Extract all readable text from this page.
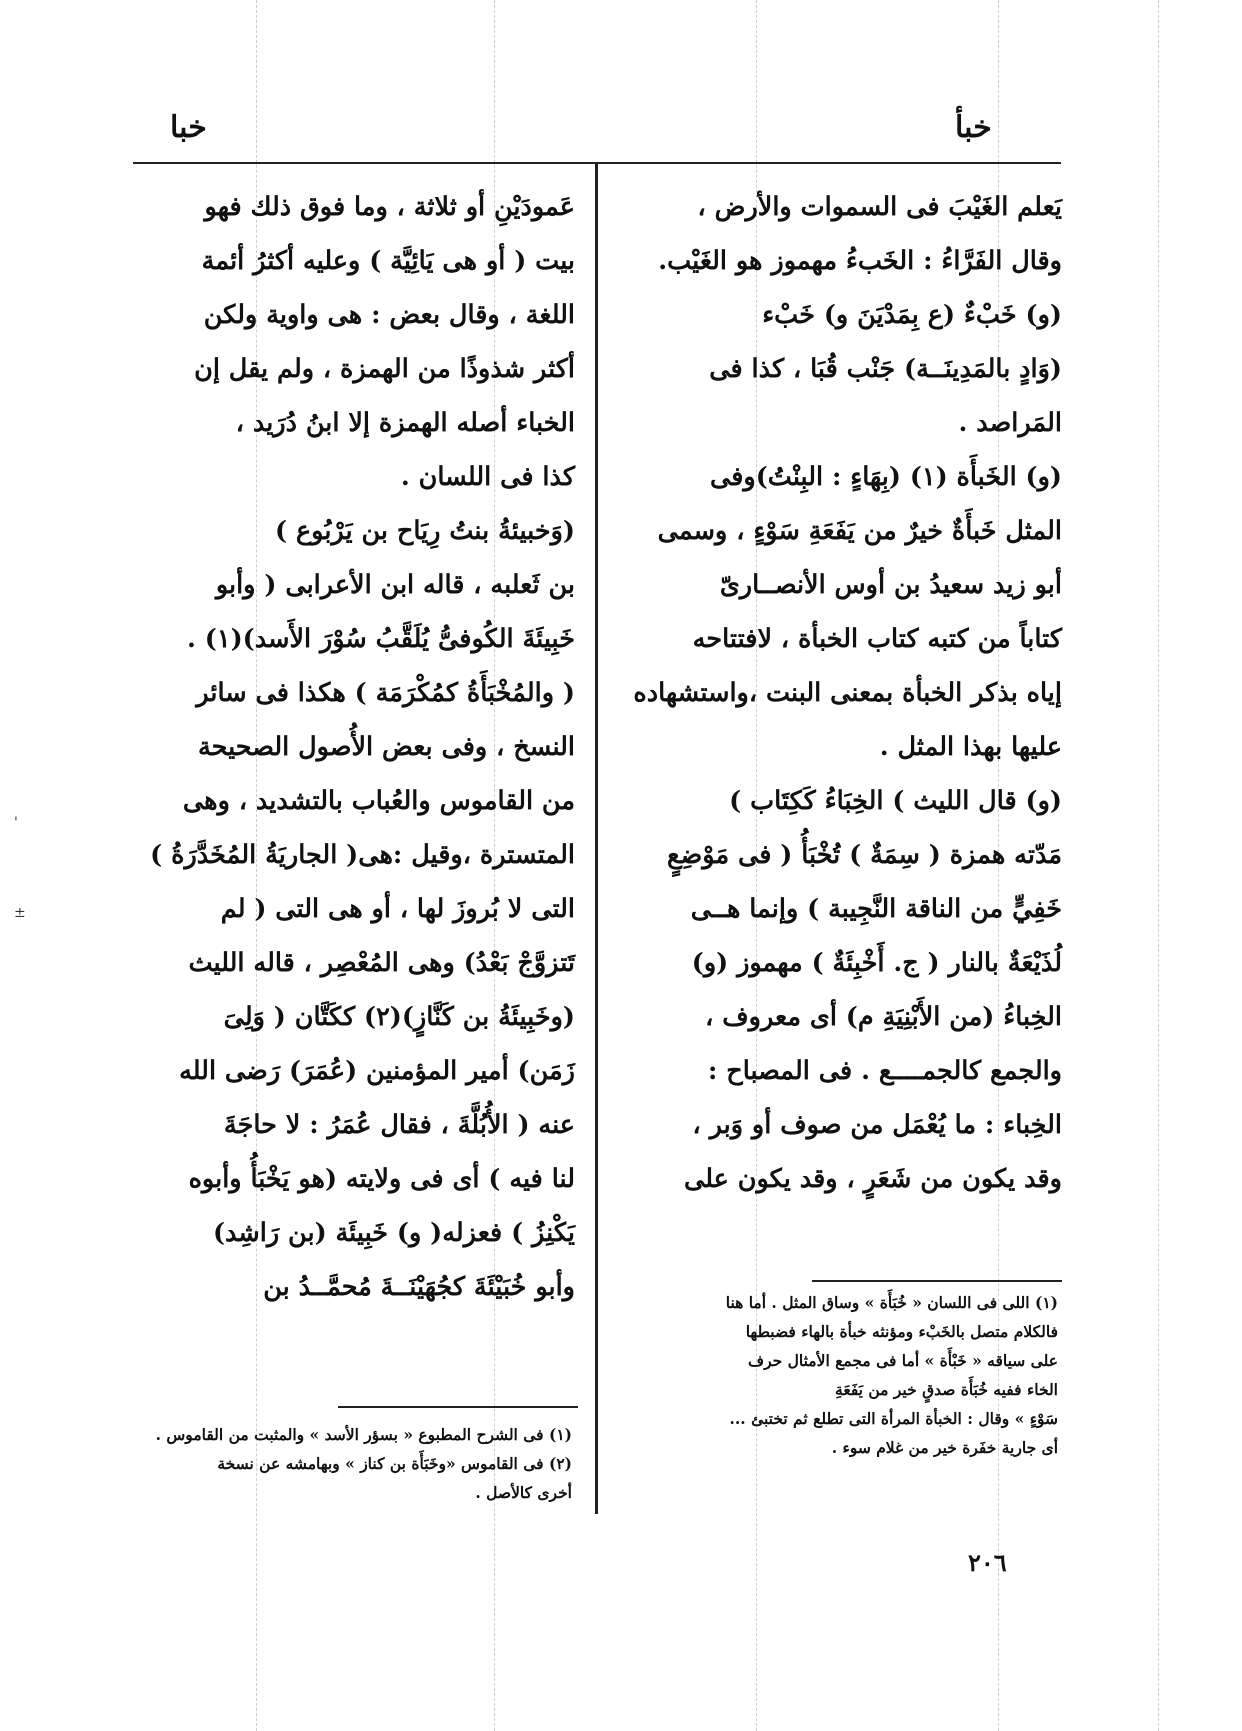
خبا	خبأ

يَعلم الغَيْبَ فى السموات والأرض ،

وقال الفَرَّاءُ : الخَبءُ مهموز هو الغَيْب.

(و) خَبْءٌ (ع بِمَدْيَنَ و) خَبْء

(وَادٍ بالمَدِينَــة) جَنْب قُبَا ، كذا فى

المَراصد .

(و) الخَبأَة (١) (بِهَاءٍ : البِنْتُ)وفى

المثل خَبأَةٌ خيرٌ من يَفَعَةِ سَوْءٍ ، وسمى

أبو زيد سعيدُ بن أوس الأنصــارىّ

كتاباً من كتبه كتاب الخبأة ، لافتتاحه

إياه بذكر الخبأة بمعنى البنت ،واستشهاده

عليها بهذا المثل .

(و) قال الليث ) الخِبَاءُ كَكِتَاب )

مَدّته همزة ( سِمَةٌ ) تُخْبَأُ ( فى مَوْضِعٍ

خَفِيٍّ من الناقة النَّجِيبة ) وإنما هــى

لُذَيْعَةٌ بالنار ( ج. أَخْبِئَةٌ ) مهموز (و)

الخِباءُ (من الأَبْنِيَةِ م) أى معروف ،

والجمع كالجمــــع . فى المصباح :

الخِباء : ما يُعْمَل من صوف أو وَبر ،

وقد يكون من شَعَرٍ ، وقد يكون على

عَمودَيْنِ أو ثلاثة ، وما فوق ذلك فهو

بيت ( أو هى يَائِيَّة ) وعليه أكثرُ أئمة

اللغة ، وقال بعض : هى واوية ولكن

أكثر شذوذًا من الهمزة ، ولم يقل إن

الخباء أصله الهمزة إلا ابنُ دُرَيد ،

كذا فى اللسان .

(وَخبيئةُ بنتُ رِيَاح بن يَرْبُوع )

بن ثَعلبه ، قاله ابن الأعرابى ( وأبو

خَبِيئَةَ الكُوفىُّ يُلَقَّبُ سُوْرَ الأَسد)(١) .

( والمُخْبَأَةُ كمُكْرَمَة ) هكذا فى سائر

النسخ ، وفى بعض الأُصول الصحيحة

من القاموس والعُباب بالتشديد ، وهى

المتسترة ،وقيل :هى( الجاريَةُ المُخَدَّرَةُ )

التى لا بُروزَ لها ، أو هى التى ( لم

تَتزوَّجْ بَعْدُ) وهى المُعْصِر ، قاله الليث

(وخَبِيئَةُ بن كَنَّازٍ)(٢) ككَتَّان ( وَلِىَ

زَمَن) أمير المؤمنين (عُمَرَ) رَضى الله

عنه ( الأُبُلَّةَ ، فقال عُمَرُ : لا حاجَةَ

لنا فيه ) أى فى ولايته (هو يَخْبَأُ وأبوه

يَكْنِزُ ) فعزله( و) خَبِيئَة (بن رَاشِد)

وأبو خُبَيْئَةَ كجُهَيْنَــةَ مُحمَّــدُ بن

(١) اللى فى اللسان « خُبَأَة » وساق المثل . أما هنا

فالكلام متصل بالخَبْء ومؤنثه خبأة بالهاء فضبطها

على سياقه « خَبْأَة » أما فى مجمع الأمثال حرف

الخاء ففيه خُبَأَة صدقٍ خير من يَفَعَةِ

سَوْءٍ » وقال : الخبأة المرأة التى تطلع ثم تختبئ ...

أى جارية خفَرة خير من غلام سوء .

(١) فى الشرح المطبوع « بسؤر الأسد » والمثبت من القاموس .

(٢) فى القاموس «وخَبَأَة بن كناز » وبهامشه عن نسخة

أخرى كالأصل .

٢٠٦
'
±
